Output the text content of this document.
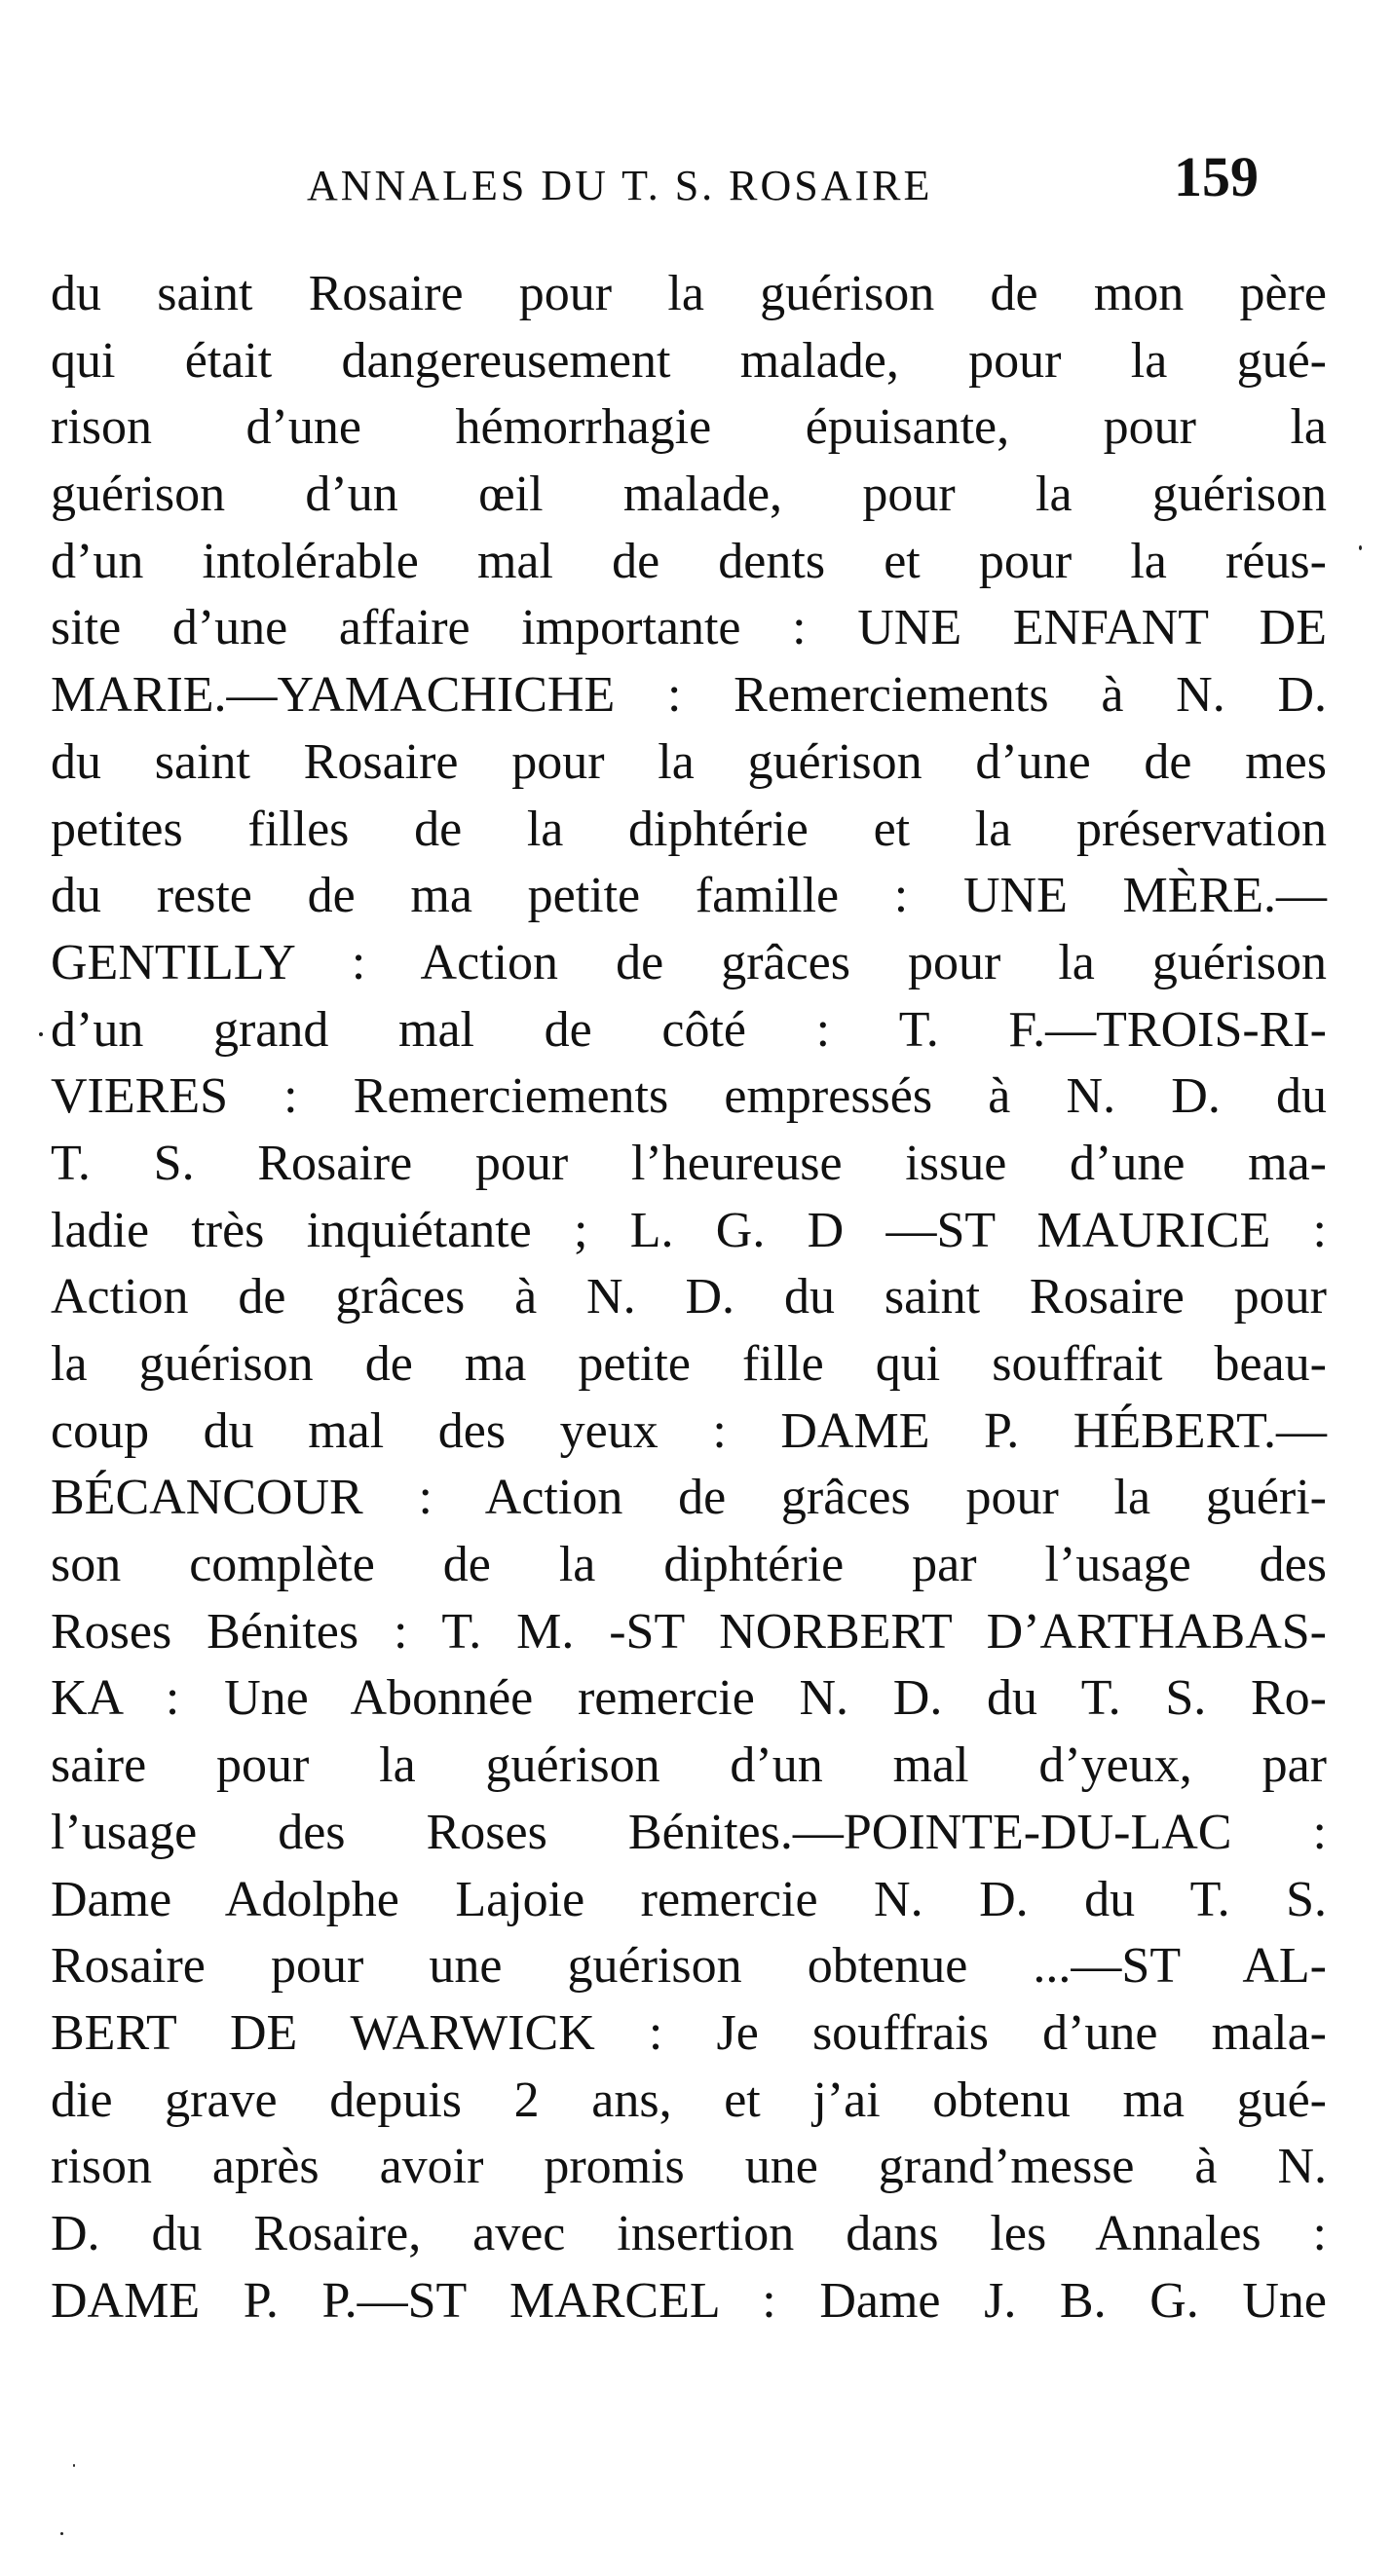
ANNALES DU T. S. ROSAIRE	159
du saint Rosaire pour la guérison de mon père
qui était dangereusement malade, pour la gué-
rison d’une hémorrhagie épuisante, pour la
guérison d’un œil malade, pour la guérison
d’un intolérable mal de dents et pour la réus-
site d’une affaire importante : UNE ENFANT DE
MARIE.—YAMACHICHE : Remerciements à N. D.
du saint Rosaire pour la guérison d’une de mes
petites filles de la diphtérie et la préservation
du reste de ma petite famille : UNE MÈRE.—
GENTILLY : Action de grâces pour la guérison
d’un grand mal de côté : T. F.—TROIS-RI-
VIERES : Remerciements empressés à N. D. du
T. S. Rosaire pour l’heureuse issue d’une ma-
ladie très inquiétante ; L. G. D —ST MAURICE :
Action de grâces à N. D. du saint Rosaire pour
la guérison de ma petite fille qui souffrait beau-
coup du mal des yeux : DAME P. HÉBERT.—
BÉCANCOUR : Action de grâces pour la guéri-
son complète de la diphtérie par l’usage des
Roses Bénites : T. M. -ST NORBERT D’ARTHABAS-
KA : Une Abonnée remercie N. D. du T. S. Ro-
saire pour la guérison d’un mal d’yeux, par
l’usage des Roses Bénites.—POINTE-DU-LAC :
Dame Adolphe Lajoie remercie N. D. du T. S.
Rosaire pour une guérison obtenue ...—ST AL-
BERT DE WARWICK : Je souffrais d’une mala-
die grave depuis 2 ans, et j’ai obtenu ma gué-
rison après avoir promis une grand’messe à N.
D. du Rosaire, avec insertion dans les Annales :
DAME P. P.—ST MARCEL : Dame J. B. G. Une
